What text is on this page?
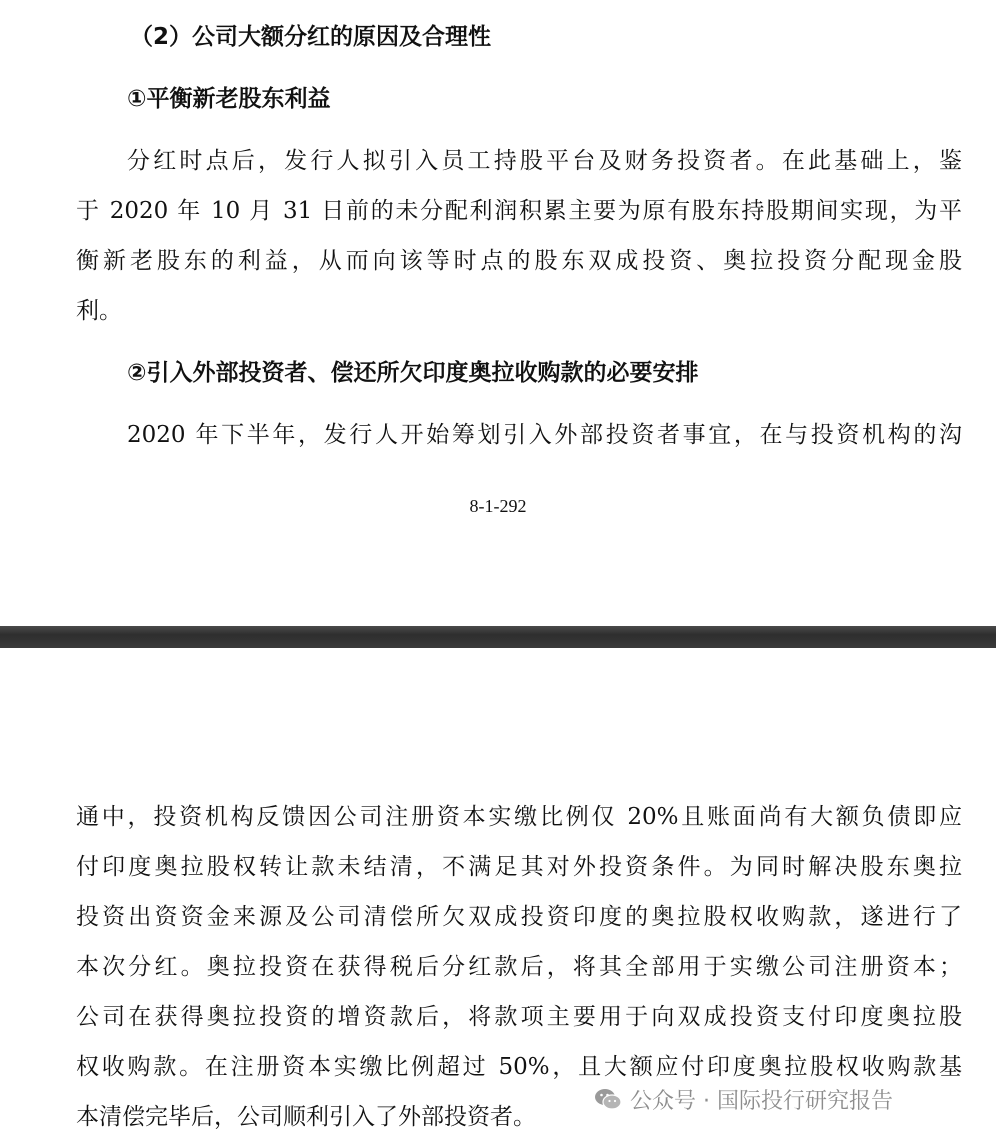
（2）公司大额分红的原因及合理性
①平衡新老股东利益
分红时点后，发行人拟引入员工持股平台及财务投资者。在此基础上，鉴
于 2020 年 10 月 31 日前的未分配利润积累主要为原有股东持股期间实现，为平
衡新老股东的利益，从而向该等时点的股东双成投资、奥拉投资分配现金股
利。
②引入外部投资者、偿还所欠印度奥拉收购款的必要安排
2020 年下半年，发行人开始筹划引入外部投资者事宜，在与投资机构的沟
8-1-292
通中，投资机构反馈因公司注册资本实缴比例仅 20%且账面尚有大额负债即应
付印度奥拉股权转让款未结清，不满足其对外投资条件。为同时解决股东奥拉
投资出资资金来源及公司清偿所欠双成投资印度的奥拉股权收购款，遂进行了
本次分红。奥拉投资在获得税后分红款后，将其全部用于实缴公司注册资本；
公司在获得奥拉投资的增资款后，将款项主要用于向双成投资支付印度奥拉股
权收购款。在注册资本实缴比例超过 50%，且大额应付印度奥拉股权收购款基
本清偿完毕后，公司顺利引入了外部投资者。
公众号 · 国际投行研究报告
